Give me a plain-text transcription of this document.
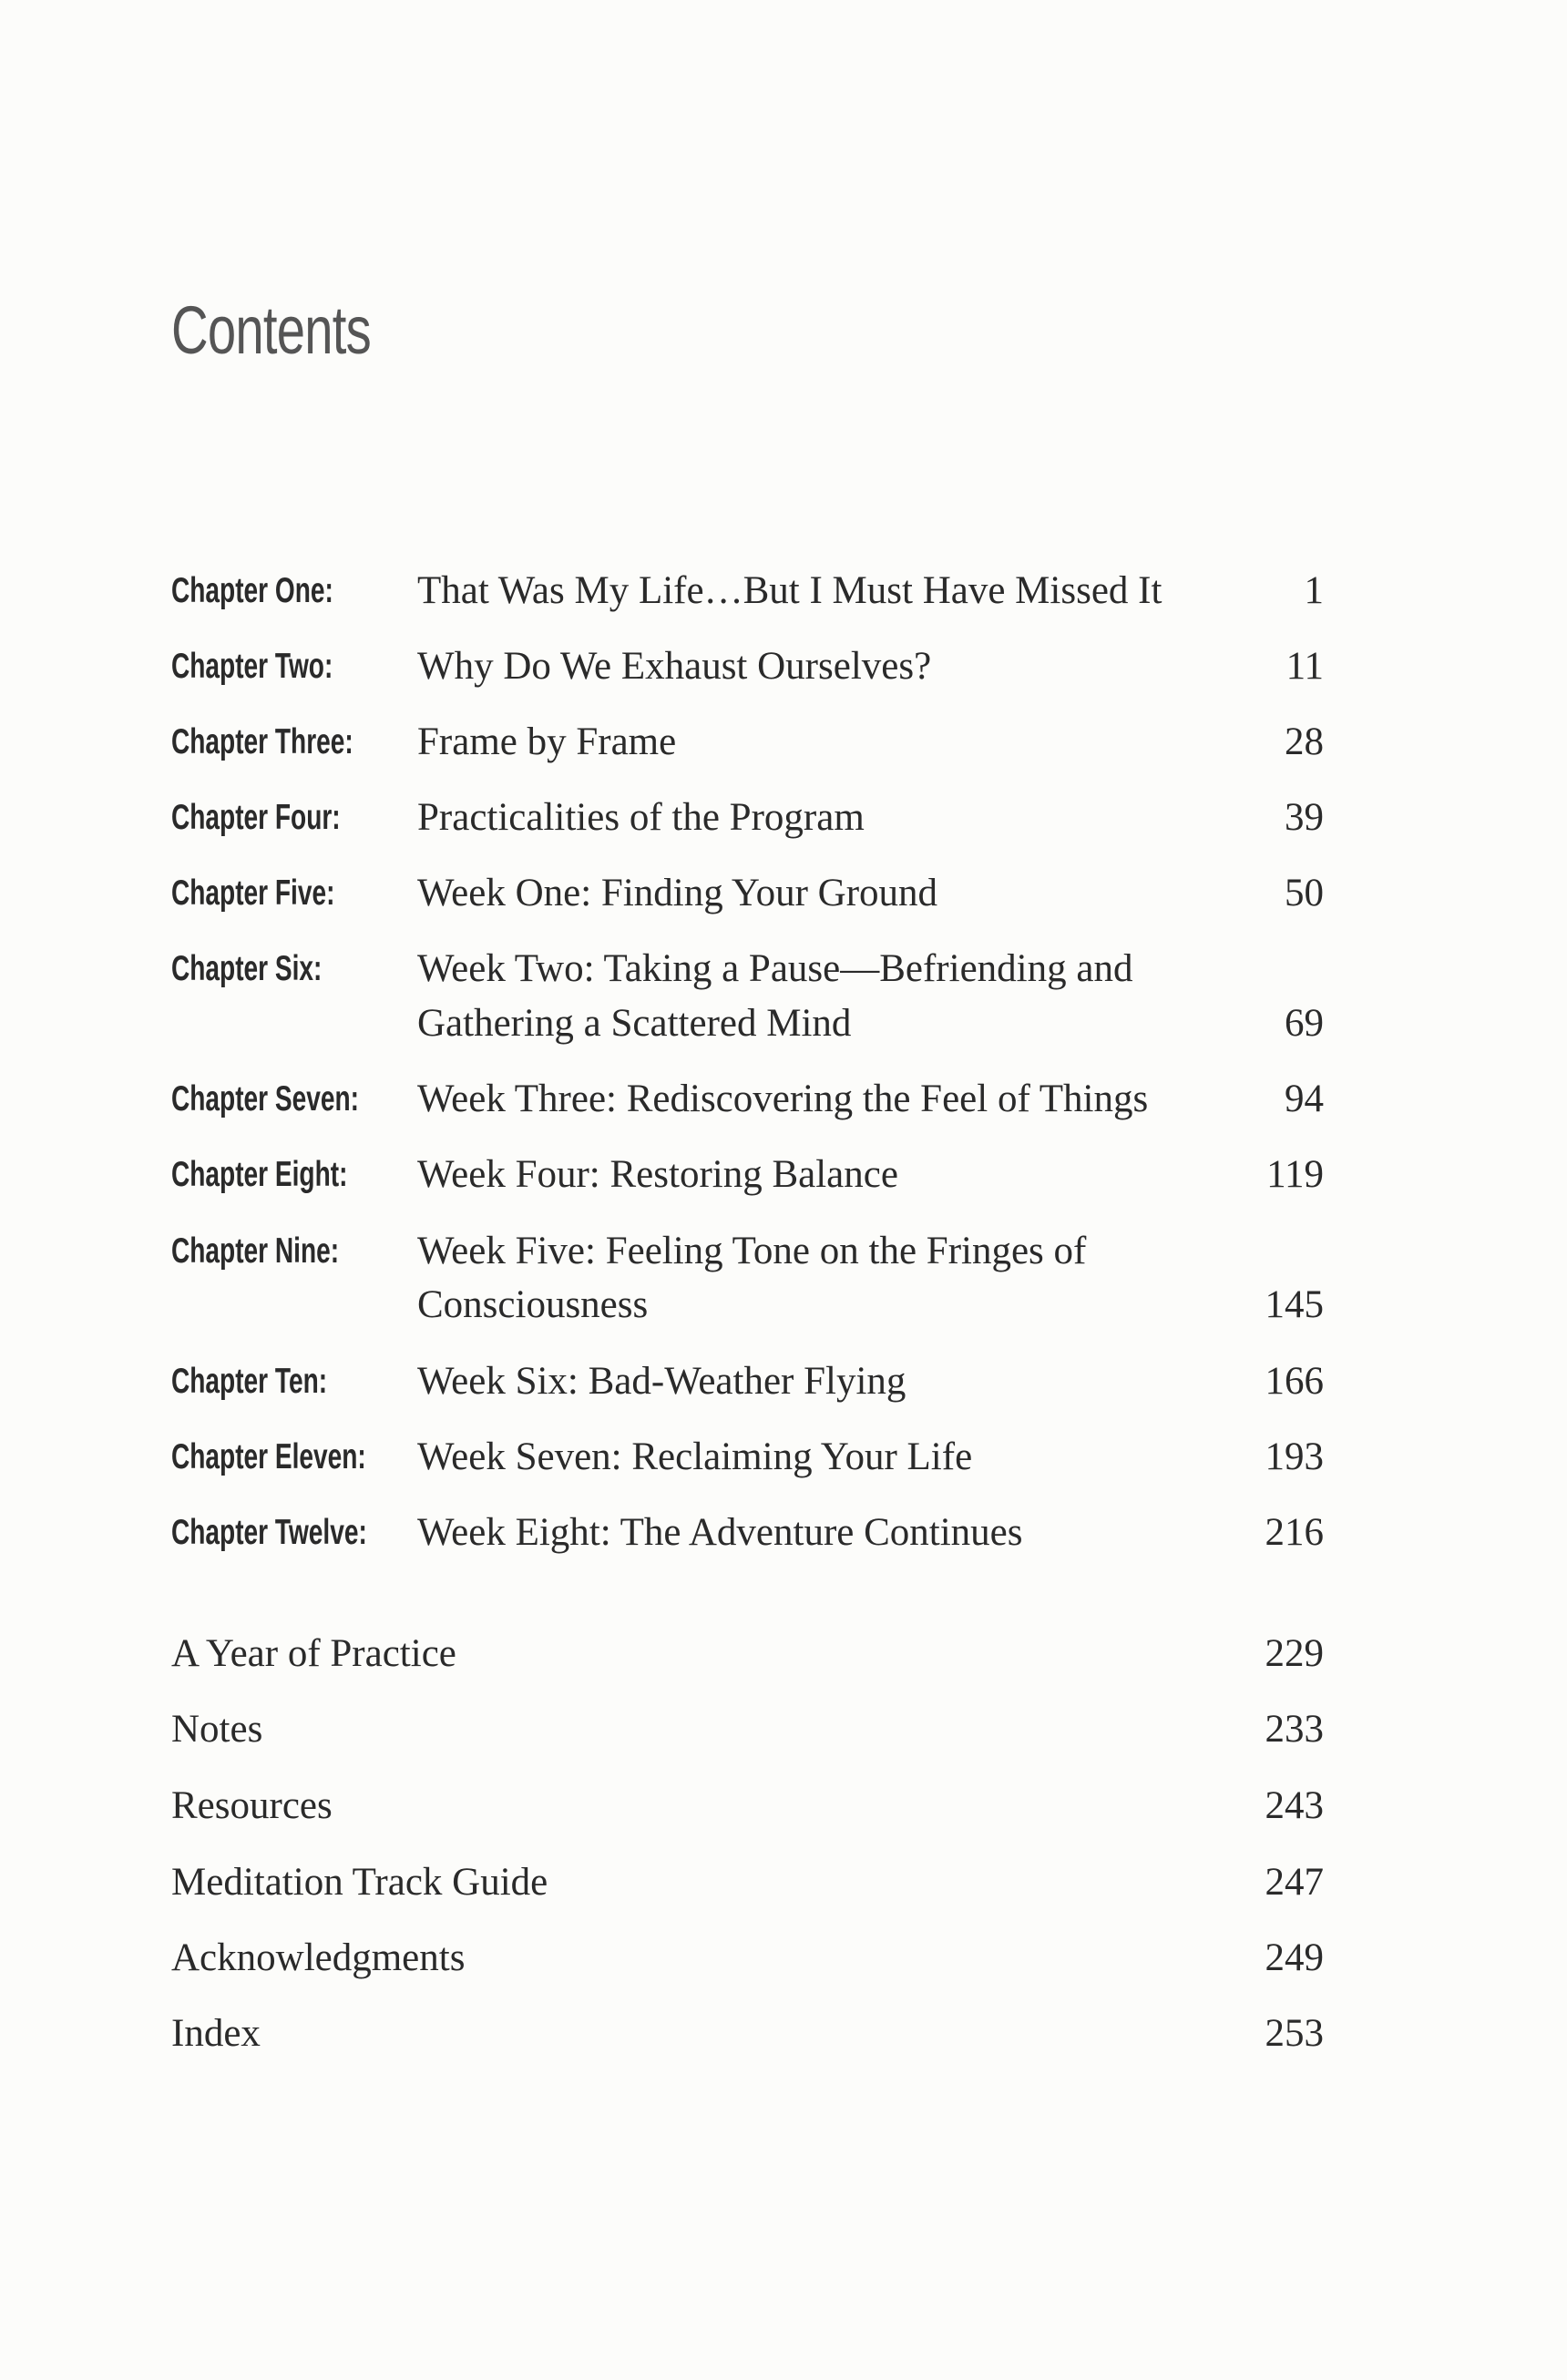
Contents
Chapter One: That Was My Life…But I Must Have Missed It	1
Chapter Two: Why Do We Exhaust Ourselves?	11
Chapter Three: Frame by Frame	28
Chapter Four: Practicalities of the Program	39
Chapter Five: Week One: Finding Your Ground	50
Chapter Six: Week Two: Taking a Pause—Befriending and
Gathering a Scattered Mind	69
Chapter Seven: Week Three: Rediscovering the Feel of Things	94
Chapter Eight: Week Four: Restoring Balance	119
Chapter Nine: Week Five: Feeling Tone on the Fringes of
Consciousness	145
Chapter Ten: Week Six: Bad-Weather Flying	166
Chapter Eleven: Week Seven: Reclaiming Your Life	193
Chapter Twelve: Week Eight: The Adventure Continues	216
A Year of Practice	229
Notes	233
Resources	243
Meditation Track Guide	247
Acknowledgments	249
Index	253
